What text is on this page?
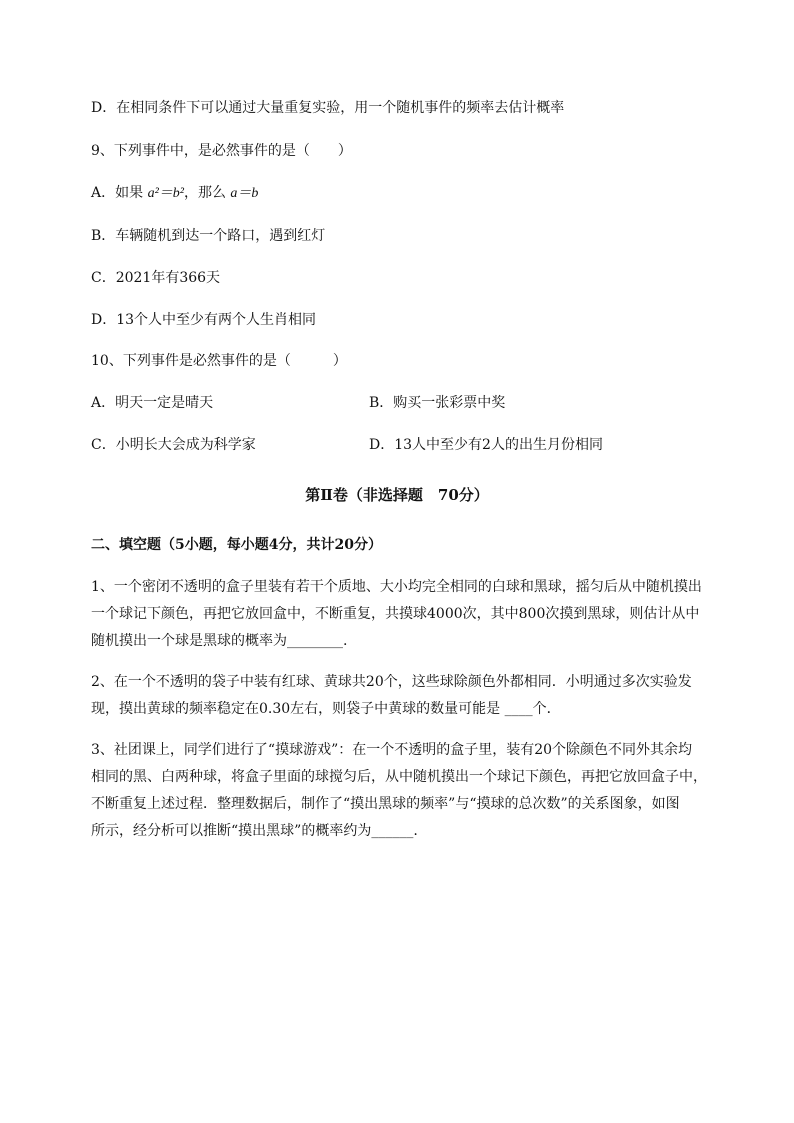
D．在相同条件下可以通过大量重复实验，用一个随机事件的频率去估计概率
9、下列事件中，是必然事件的是（　　）
A．如果 a²＝b²，那么 a＝b
B．车辆随机到达一个路口，遇到红灯
C．2021年有366天
D．13个人中至少有两个人生肖相同
10、下列事件是必然事件的是（　　　）
A．明天一定是晴天	B．购买一张彩票中奖
C．小明长大会成为科学家	D．13人中至少有2人的出生月份相同
第Ⅱ卷（非选择题　70分）
二、填空题（5小题，每小题4分，共计20分）
1、一个密闭不透明的盒子里装有若干个质地、大小均完全相同的白球和黑球，摇匀后从中随机摸出
一个球记下颜色，再把它放回盒中，不断重复，共摸球4000次，其中800次摸到黑球，则估计从中
随机摸出一个球是黑球的概率为________.
2、在一个不透明的袋子中装有红球、黄球共20个，这些球除颜色外都相同．小明通过多次实验发
现，摸出黄球的频率稳定在0.30左右，则袋子中黄球的数量可能是 ____个．
3、社团课上，同学们进行了“摸球游戏”：在一个不透明的盒子里，装有20个除颜色不同外其余均
相同的黑、白两种球，将盒子里面的球搅匀后，从中随机摸出一个球记下颜色，再把它放回盒子中，
不断重复上述过程．整理数据后，制作了“摸出黑球的频率”与“摸球的总次数”的关系图象，如图
所示，经分析可以推断“摸出黑球”的概率约为______.
